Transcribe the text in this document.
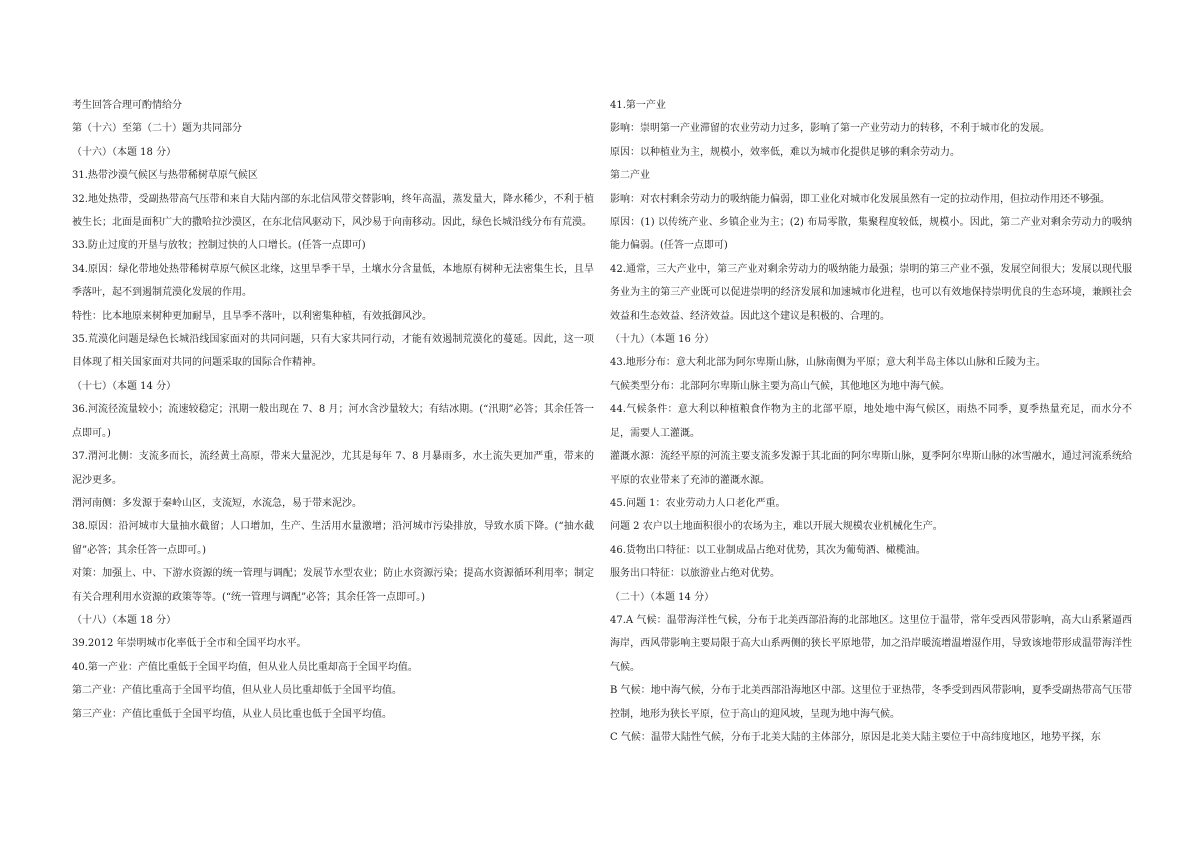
考生回答合理可酌情给分

第（十六）至第（二十）题为共同部分

（十六）（本题 18 分）

31.热带沙漠气候区与热带稀树草原气候区

32.地处热带，受副热带高气压带和来自大陆内部的东北信风带交替影响，终年高温，蒸发量大，降水稀少，不利于植被生长；北面是面积广大的撒哈拉沙漠区，在东北信风驱动下，风沙易于向南移动。因此，绿色长城沿线分布有荒漠。

33.防止过度的开垦与放牧；控制过快的人口增长。(任答一点即可)

34.原因：绿化带地处热带稀树草原气候区北缘，这里旱季干旱，土壤水分含量低，本地原有树种无法密集生长，且旱季落叶，起不到遏制荒漠化发展的作用。

特性：比本地原来树种更加耐旱，且旱季不落叶，以利密集种植，有效抵御风沙。

35.荒漠化问题是绿色长城沿线国家面对的共同问题，只有大家共同行动，才能有效遏制荒漠化的蔓延。因此，这一项目体现了相关国家面对共同的问题采取的国际合作精神。

（十七）（本题 14 分）

36.河流径流量较小；流速较稳定；汛期一般出现在 7、8 月；河水含沙量较大；有结冰期。(“汛期”必答；其余任答一点即可。)

37.渭河北侧：支流多而长，流经黄土高原，带来大量泥沙，尤其是每年 7、8 月暴雨多，水土流失更加严重，带来的泥沙更多。

渭河南侧：多发源于秦岭山区，支流短，水流急，易于带来泥沙。

38.原因：沿河城市大量抽水截留；人口增加，生产、生活用水量激增；沿河城市污染排放，导致水质下降。(“抽水截留”必答；其余任答一点即可。)

对策：加强上、中、下游水资源的统一管理与调配；发展节水型农业；防止水资源污染；提高水资源循环利用率；制定有关合理利用水资源的政策等等。(“统一管理与调配”必答；其余任答一点即可。)

（十八）（本题 18 分）

39.2012 年崇明城市化率低于全市和全国平均水平。

40.第一产业：产值比重低于全国平均值，但从业人员比重却高于全国平均值。

第二产业：产值比重高于全国平均值，但从业人员比重却低于全国平均值。

第三产业：产值比重低于全国平均值，从业人员比重也低于全国平均值。

41.第一产业

影响：崇明第一产业滞留的农业劳动力过多，影响了第一产业劳动力的转移，不利于城市化的发展。

原因：以种植业为主，规模小，效率低，难以为城市化提供足够的剩余劳动力。

第二产业

影响：对农村剩余劳动力的吸纳能力偏弱，即工业化对城市化发展虽然有一定的拉动作用，但拉动作用还不够强。

原因：(1) 以传统产业、乡镇企业为主；(2) 布局零散，集聚程度较低，规模小。因此，第二产业对剩余劳动力的吸纳能力偏弱。(任答一点即可)

42.通常，三大产业中，第三产业对剩余劳动力的吸纳能力最强；崇明的第三产业不强，发展空间很大；发展以现代服务业为主的第三产业既可以促进崇明的经济发展和加速城市化进程，也可以有效地保持崇明优良的生态环境，兼顾社会效益和生态效益、经济效益。因此这个建议是积极的、合理的。

（十九）（本题 16 分）

43.地形分布：意大利北部为阿尔卑斯山脉，山脉南侧为平原；意大利半岛主体以山脉和丘陵为主。

气候类型分布：北部阿尔卑斯山脉主要为高山气候，其他地区为地中海气候。

44.气候条件：意大利以种植粮食作物为主的北部平原，地处地中海气候区，雨热不同季，夏季热量充足，而水分不足，需要人工灌溉。

灌溉水源：流经平原的河流主要支流多发源于其北面的阿尔卑斯山脉，夏季阿尔卑斯山脉的冰雪融水，通过河流系统给平原的农业带来了充沛的灌溉水源。

45.问题 1：农业劳动力人口老化严重。

问题 2 农户以土地面积很小的农场为主，难以开展大规模农业机械化生产。

46.货物出口特征：以工业制成品占绝对优势，其次为葡萄酒、橄榄油。

服务出口特征：以旅游业占绝对优势。

（二十）（本题 14 分）

47.A 气候：温带海洋性气候，分布于北美西部沿海的北部地区。这里位于温带，常年受西风带影响，高大山系紧逼西海岸，西风带影响主要局限于高大山系两侧的狭长平原地带，加之沿岸暖流增温增湿作用，导致该地带形成温带海洋性气候。

B 气候：地中海气候，分布于北美西部沿海地区中部。这里位于亚热带，冬季受到西风带影响，夏季受副热带高气压带控制，地形为狭长平原，位于高山的迎风坡，呈现为地中海气候。

C 气候：温带大陆性气候，分布于北美大陆的主体部分，原因是北美大陆主要位于中高纬度地区，地势平探，东
